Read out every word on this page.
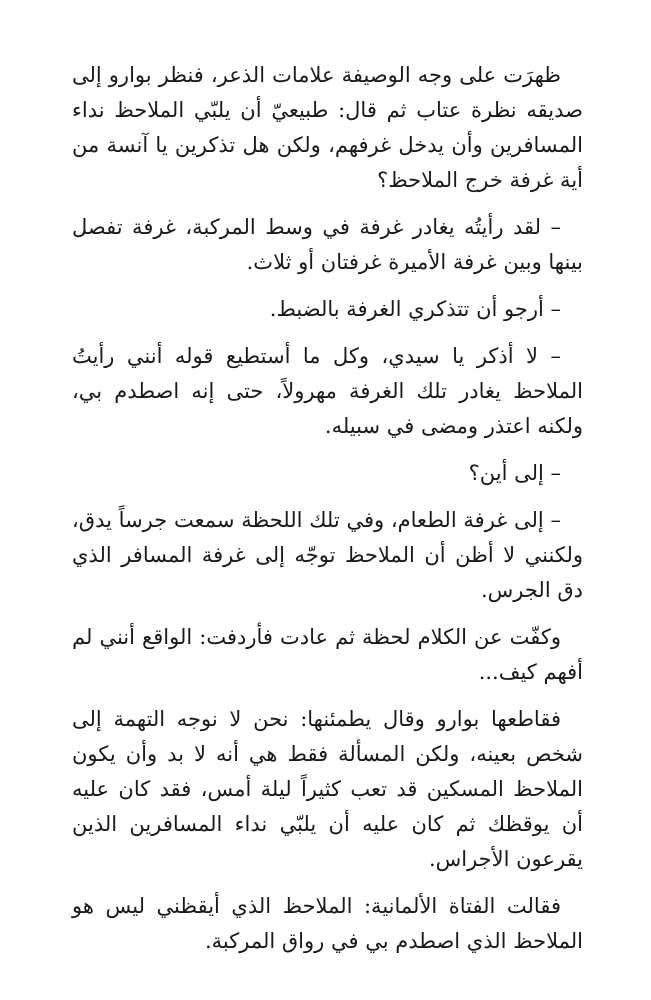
ظهرَت على وجه الوصيفة علامات الذعر، فنظر بوارو إلى صديقه نظرة عتاب ثم قال: طبيعيّ أن يلبّي الملاحظ نداء المسافرين وأن يدخل غرفهم، ولكن هل تذكرين يا آنسة من أية غرفة خرج الملاحظ؟

– لقد رأيتُه يغادر غرفة في وسط المركبة، غرفة تفصل بينها وبين غرفة الأميرة غرفتان أو ثلاث.

– أرجو أن تتذكري الغرفة بالضبط.

– لا أذكر يا سيدي، وكل ما أستطيع قوله أنني رأيتُ الملاحظ يغادر تلك الغرفة مهرولاً، حتى إنه اصطدم بي، ولكنه اعتذر ومضى في سبيله.

– إلى أين؟

– إلى غرفة الطعام، وفي تلك اللحظة سمعت جرساً يدق، ولكنني لا أظن أن الملاحظ توجّه إلى غرفة المسافر الذي دق الجرس.

وكفّت عن الكلام لحظة ثم عادت فأردفت: الواقع أنني لم أفهم كيف...

فقاطعها بوارو وقال يطمئنها: نحن لا نوجه التهمة إلى شخص بعينه، ولكن المسألة فقط هي أنه لا بد وأن يكون الملاحظ المسكين قد تعب كثيراً ليلة أمس، فقد كان عليه أن يوقظك ثم كان عليه أن يلبّي نداء المسافرين الذين يقرعون الأجراس.

فقالت الفتاة الألمانية: الملاحظ الذي أيقظني ليس هو الملاحظ الذي اصطدم بي في رواق المركبة.
